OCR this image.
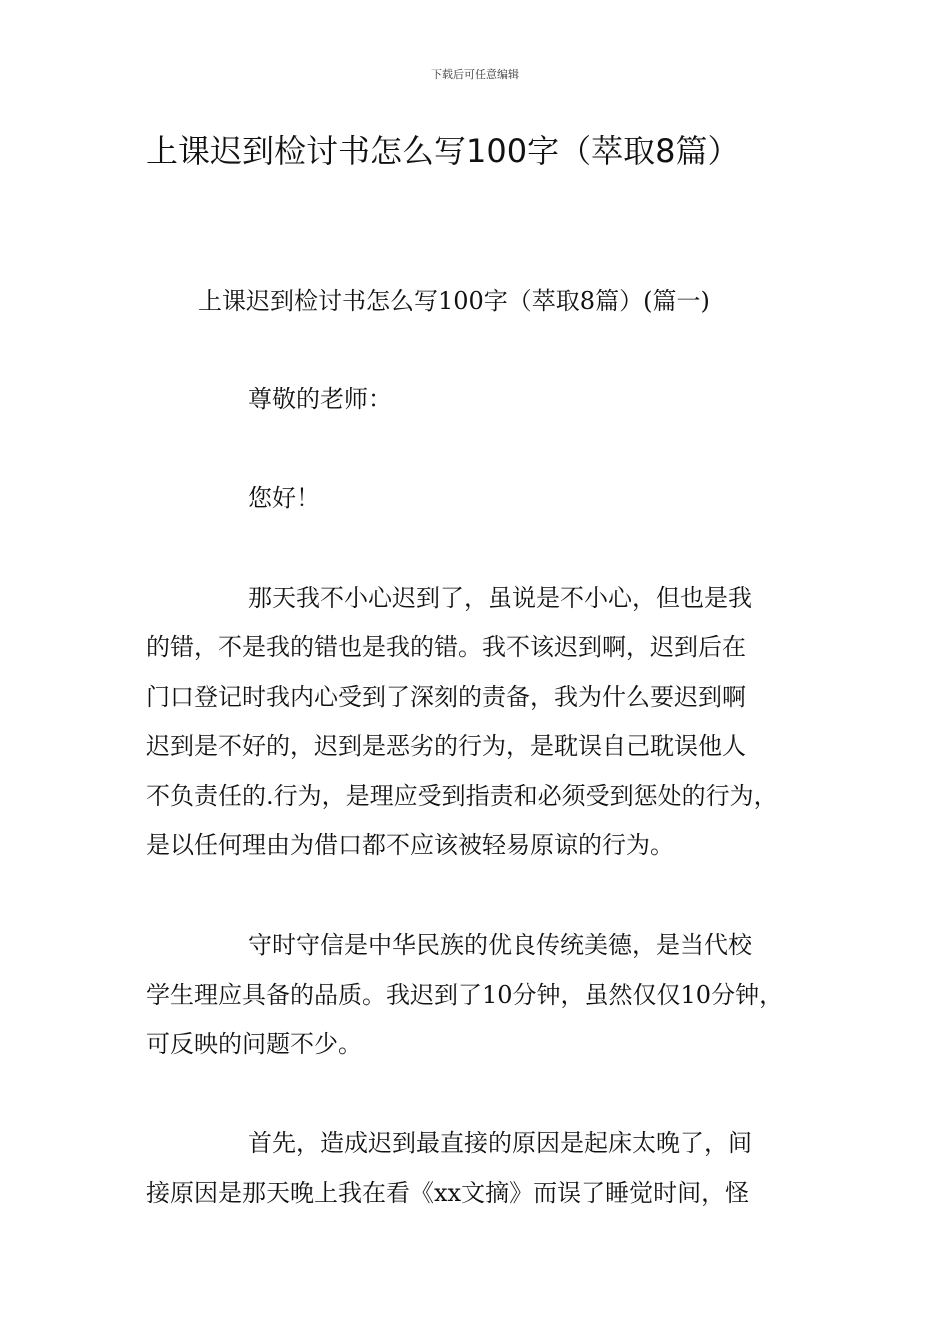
下载后可任意编辑
上课迟到检讨书怎么写100字（萃取8篇）
上课迟到检讨书怎么写100字（萃取8篇）(篇一)

尊敬的老师：

您好！

那天我不小心迟到了，虽说是不小心，但也是我

的错，不是我的错也是我的错。我不该迟到啊，迟到后在

门口登记时我内心受到了深刻的责备，我为什么要迟到啊

迟到是不好的，迟到是恶劣的行为，是耽误自己耽误他人

不负责任的.行为，是理应受到指责和必须受到惩处的行为，

是以任何理由为借口都不应该被轻易原谅的行为。

守时守信是中华民族的优良传统美德，是当代校

学生理应具备的品质。我迟到了10分钟，虽然仅仅10分钟，

可反映的问题不少。

首先，造成迟到最直接的原因是起床太晚了，间

接原因是那天晚上我在看《xx文摘》而误了睡觉时间，怪
